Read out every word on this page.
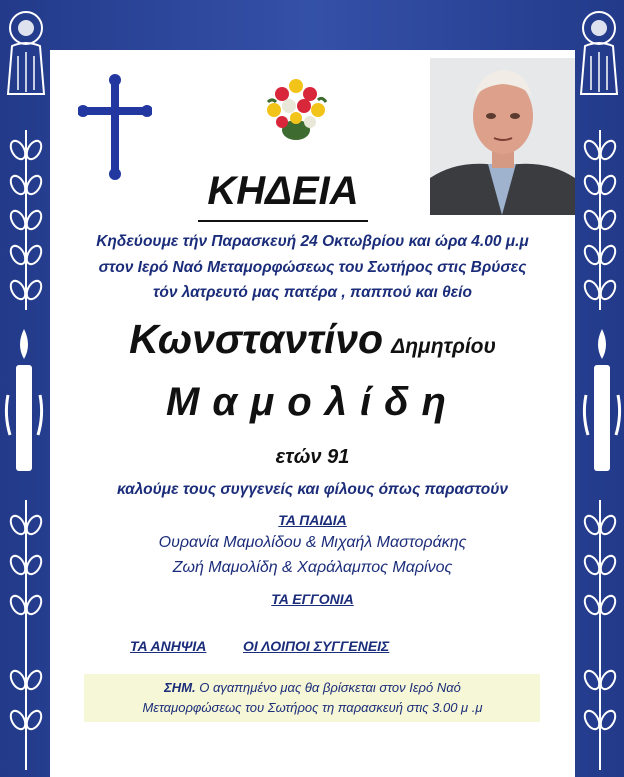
ΚΗΔΕΙΑ
Κηδεύουμε τήν Παρασκευή 24 Οκτωβρίου και ώρα 4.00 μ.μ
στον Ιερό Ναό Μεταμορφώσεως του Σωτήρος στις Βρύσες
τόν λατρευτό μας πατέρα , παππού και θείο
Κωνσταντίνο Δημητρίου
Μαμολίδη
ετών 91
καλούμε τους συγγενείς και φίλους όπως παραστούν
ΤΑ ΠΑΙΔΙΑ
Ουρανία Μαμολίδου & Μιχαήλ Μαστοράκης
Ζωή Μαμολίδη & Χαράλαμπος Μαρίνος
ΤΑ ΕΓΓΟΝΙΑ
ΤΑ ΑΝΗΨΙΑ	ΟΙ ΛΟΙΠΟΙ ΣΥΓΓΕΝΕΙΣ
ΣΗΜ. Ο αγαπημένο μας θα βρίσκεται στον Ιερό Ναό
Μεταμορφώσεως του Σωτήρος τη παρασκευή στις 3.00 μ .μ
